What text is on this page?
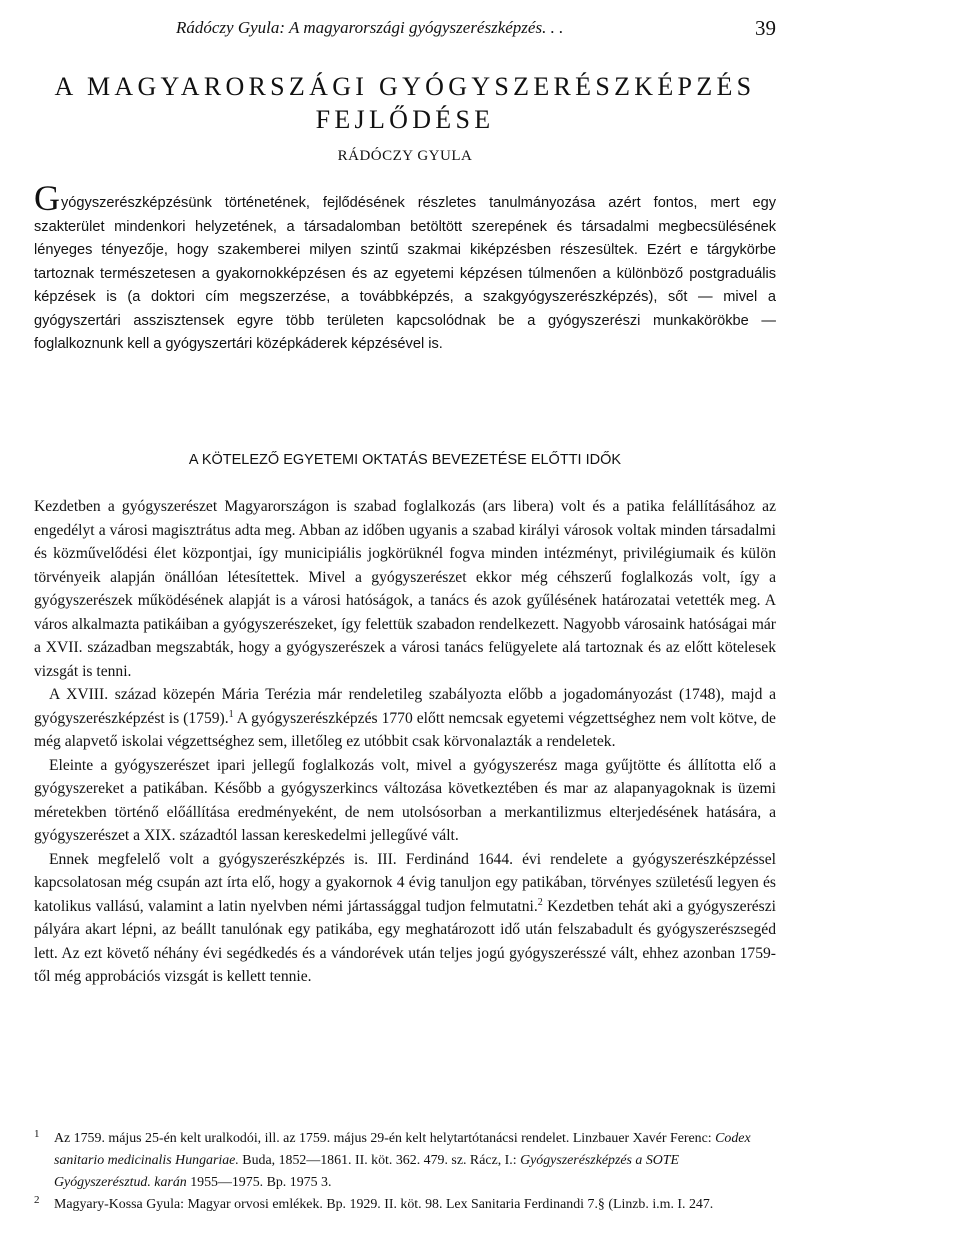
Rádóczy Gyula: A magyarországi gyógyszerészképzés. . .	39
A MAGYARORSZÁGI GYÓGYSZERÉSZKÉPZÉS
FEJLŐDÉSE
RÁDÓCZY GYULA
Gyógyszerészképzésünk történetének, fejlődésének részletes tanulmányozása azért fontos, mert egy szakterület mindenkori helyzetének, a társadalomban betöltött szerepének és társadalmi megbecsülésének lényeges tényezője, hogy szakemberei milyen szintű szakmai kiképzésben részesültek. Ezért e tárgykörbe tartoznak természetesen a gyakornokképzésen és az egyetemi képzésen túlmenően a különböző postgraduális képzések is (a doktori cím megszerzése, a továbbképzés, a szakgyógyszerészképzés), sőt — mivel a gyógyszertári asszisztensek egyre több területen kapcsolódnak be a gyógyszerészi munkakörökbe — foglalkoznunk kell a gyógyszertári középkáderek képzésével is.
A KÖTELEZŐ EGYETEMI OKTATÁS BEVEZETÉSE ELŐTTI IDŐK

Kezdetben a gyógyszerészet Magyarországon is szabad foglalkozás (ars libera) volt és a patika felállításához az engedélyt a városi magisztrátus adta meg. Abban az időben ugyanis a szabad királyi városok voltak minden társadalmi és közművelődési élet központjai, így municipiális jogkörüknél fogva minden intézményt, privilégiumaik és külön törvényeik alapján önállóan létesítettek. Mivel a gyógyszerészet ekkor még céhszerű foglalkozás volt, így a gyógyszerészek működésének alapját is a városi hatóságok, a tanács és azok gyűlésének határozatai vetették meg. A város alkalmazta patikáiban a gyógyszerészeket, így felettük szabadon rendelkezett. Nagyobb városaink hatóságai már a XVII. században megszabták, hogy a gyógyszerészek a városi tanács felügyelete alá tartoznak és az előtt kötelesek vizsgát is tenni.

A XVIII. század közepén Mária Terézia már rendeletileg szabályozta előbb a jogadományozást (1748), majd a gyógyszerészképzést is (1759).$^1$ A gyógyszerészképzés 1770 előtt nemcsak egyetemi végzettséghez nem volt kötve, de még alapvető iskolai végzettséghez sem, illetőleg ez utóbbit csak körvonalazták a rendeletek.

Eleinte a gyógyszerészet ipari jellegű foglalkozás volt, mivel a gyógyszerész maga gyűjtötte és állította elő a gyógyszereket a patikában. Később a gyógyszerkincs változása következtében és mar az alapanyagoknak is üzemi méretekben történő előállítása eredményeként, de nem utolsósorban a merkantilizmus elterjedésének hatására, a gyógyszerészet a XIX. századtól lassan kereskedelmi jellegűvé vált.

Ennek megfelelő volt a gyógyszerészképzés is. III. Ferdinánd 1644. évi rendelete a gyógyszerészképzéssel kapcsolatosan még csupán azt írta elő, hogy a gyakornok 4 évig tanuljon egy patikában, törvényes születésű legyen és katolikus vallású, valamint a latin nyelvben némi jártassággal tudjon felmutatni.$^2$ Kezdetben tehát aki a gyógyszerészi pályára akart lépni, az beállt tanulónak egy patikába, egy meghatározott idő után felszabadult és gyógyszerészsegéd lett. Az ezt követő néhány évi segédkedés és a vándorévek után teljes jogú gyógyszerésszé vált, ehhez azonban 1759-től még approbációs vizsgát is kellett tennie.

1 Az 1759. május 25-én kelt uralkodói, ill. az 1759. május 29-én kelt helytartótanácsi rendelet. Linzbauer Xavér Ferenc: Codex sanitario medicinalis Hungariae. Buda, 1852—1861. II. köt. 362. 479. sz. Rácz, I.: Gyógyszerészképzés a SOTE Gyógyszerésztud. karán 1955—1975. Bp. 1975 3.

2 Magyary-Kossa Gyula: Magyar orvosi emlékek. Bp. 1929. II. köt. 98. Lex Sanitaria Ferdinandi 7.§ (Linzb. i.m. I. 247.
